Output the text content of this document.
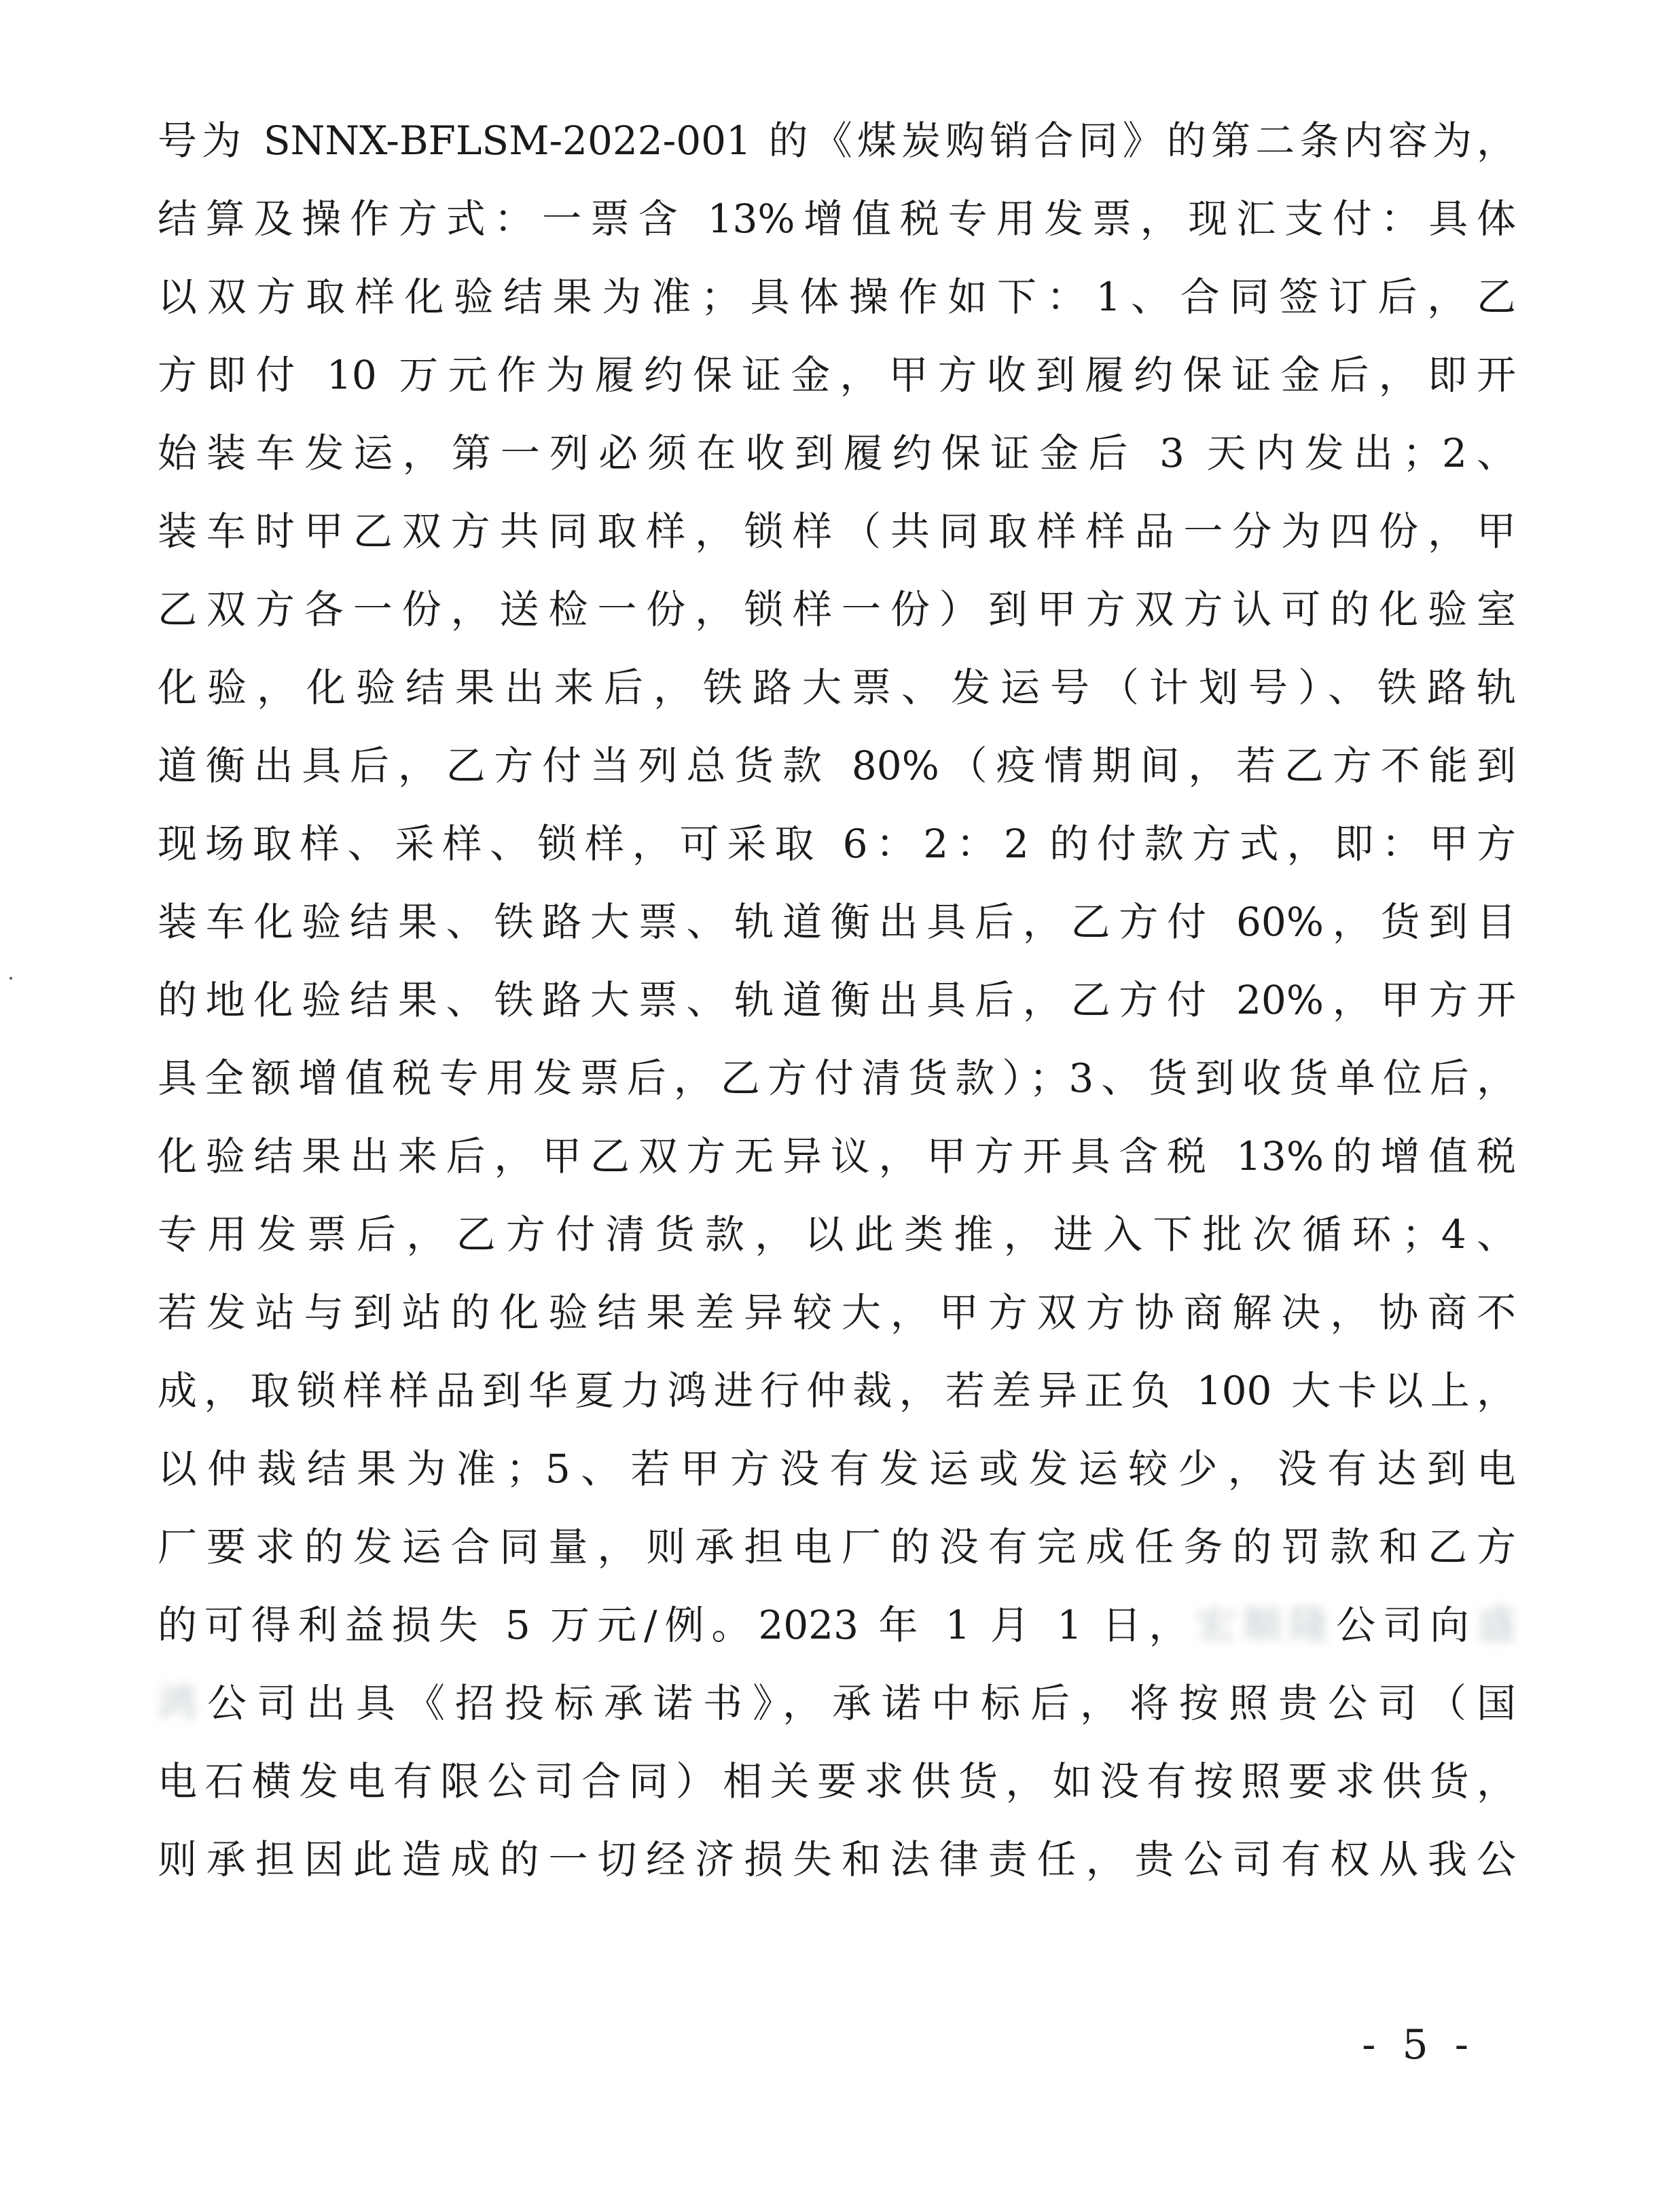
号为 SNNX-BFLSM-2022-001 的《煤炭购销合同》的第二条内容为，
结算及操作方式：一票含 13%增值税专用发票，现汇支付：具体
以双方取样化验结果为准；具体操作如下：1、合同签订后，乙
方即付 10 万元作为履约保证金，甲方收到履约保证金后，即开
始装车发运，第一列必须在收到履约保证金后 3 天内发出；2、
装车时甲乙双方共同取样，锁样（共同取样样品一分为四份，甲
乙双方各一份，送检一份，锁样一份）到甲方双方认可的化验室
化验，化验结果出来后，铁路大票、发运号（计划号）、铁路轨
道衡出具后，乙方付当列总货款 80%（疫情期间，若乙方不能到
现场取样、采样、锁样，可采取 6：2：2 的付款方式，即：甲方
装车化验结果、铁路大票、轨道衡出具后，乙方付 60%，货到目
的地化验结果、铁路大票、轨道衡出具后，乙方付 20%，甲方开
具全额增值税专用发票后，乙方付清货款）；3、货到收货单位后，
化验结果出来后，甲乙双方无异议，甲方开具含税 13%的增值税
专用发票后，乙方付清货款，以此类推，进入下批次循环；4、
若发站与到站的化验结果差异较大，甲方双方协商解决，协商不
成，取锁样样品到华夏力鸿进行仲裁，若差异正负 100 大卡以上，
以仲裁结果为准；5、若甲方没有发运或发运较少，没有达到电
厂要求的发运合同量，则承担电厂的没有完成任务的罚款和乙方
的可得利益损失 5 万元/例。2023 年 1 月 1 日，宏顺隆公司向盛
鸿公司出具《招投标承诺书》，承诺中标后，将按照贵公司（国
电石横发电有限公司合同）相关要求供货，如没有按照要求供货，
则承担因此造成的一切经济损失和法律责任，贵公司有权从我公
- 5 -
